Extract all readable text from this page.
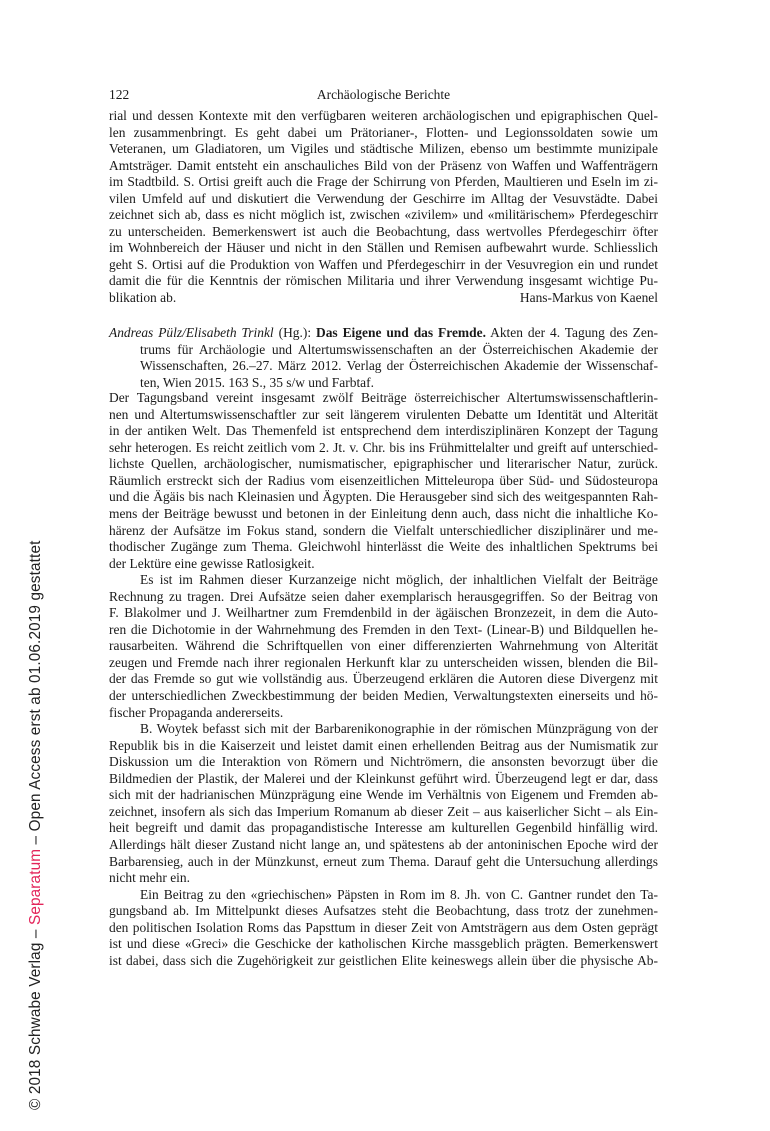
122	Archäologische Berichte
rial und dessen Kontexte mit den verfügbaren weiteren archäologischen und epigraphischen Quel-
len zusammenbringt. Es geht dabei um Prätorianer-, Flotten- und Legionssoldaten sowie um
Veteranen, um Gladiatoren, um Vigiles und städtische Milizen, ebenso um bestimmte munizipale
Amtsträger. Damit entsteht ein anschauliches Bild von der Präsenz von Waffen und Waffenträgern
im Stadtbild. S. Ortisi greift auch die Frage der Schirrung von Pferden, Maultieren und Eseln im zi-
vilen Umfeld auf und diskutiert die Verwendung der Geschirre im Alltag der Vesuvstädte. Dabei
zeichnet sich ab, dass es nicht möglich ist, zwischen «zivilem» und «militärischem» Pferdegeschirr
zu unterscheiden. Bemerkenswert ist auch die Beobachtung, dass wertvolles Pferdegeschirr öfter
im Wohnbereich der Häuser und nicht in den Ställen und Remisen aufbewahrt wurde. Schliesslich
geht S. Ortisi auf die Produktion von Waffen und Pferdegeschirr in der Vesuvregion ein und rundet
damit die für die Kenntnis der römischen Militaria und ihrer Verwendung insgesamt wichtige Pu-
blikation ab.	Hans-Markus von Kaenel
Andreas Pülz/Elisabeth Trinkl (Hg.): Das Eigene und das Fremde. Akten der 4. Tagung des Zen-
trums für Archäologie und Altertumswissenschaften an der Österreichischen Akademie der
Wissenschaften, 26.–27. März 2012. Verlag der Österreichischen Akademie der Wissenschaf-
ten, Wien 2015. 163 S., 35 s/w und Farbtaf.
Der Tagungsband vereint insgesamt zwölf Beiträge österreichischer Altertumswissenschaftlerin-
nen und Altertumswissenschaftler zur seit längerem virulenten Debatte um Identität und Alterität
in der antiken Welt. Das Themenfeld ist entsprechend dem interdisziplinären Konzept der Tagung
sehr heterogen. Es reicht zeitlich vom 2. Jt. v. Chr. bis ins Frühmittelalter und greift auf unterschied-
lichste Quellen, archäologischer, numismatischer, epigraphischer und literarischer Natur, zurück.
Räumlich erstreckt sich der Radius vom eisenzeitlichen Mitteleuropa über Süd- und Südosteuropa
und die Ägäis bis nach Kleinasien und Ägypten. Die Herausgeber sind sich des weitgespannten Rah-
mens der Beiträge bewusst und betonen in der Einleitung denn auch, dass nicht die inhaltliche Ko-
härenz der Aufsätze im Fokus stand, sondern die Vielfalt unterschiedlicher disziplinärer und me-
thodischer Zugänge zum Thema. Gleichwohl hinterlässt die Weite des inhaltlichen Spektrums bei
der Lektüre eine gewisse Ratlosigkeit.
Es ist im Rahmen dieser Kurzanzeige nicht möglich, der inhaltlichen Vielfalt der Beiträge
Rechnung zu tragen. Drei Aufsätze seien daher exemplarisch herausgegriffen. So der Beitrag von
F. Blakolmer und J. Weilhartner zum Fremdenbild in der ägäischen Bronzezeit, in dem die Auto-
ren die Dichotomie in der Wahrnehmung des Fremden in den Text- (Linear-B) und Bildquellen he-
rausarbeiten. Während die Schriftquellen von einer differenzierten Wahrnehmung von Alterität
zeugen und Fremde nach ihrer regionalen Herkunft klar zu unterscheiden wissen, blenden die Bil-
der das Fremde so gut wie vollständig aus. Überzeugend erklären die Autoren diese Divergenz mit
der unterschiedlichen Zweckbestimmung der beiden Medien, Verwaltungstexten einerseits und hö-
fischer Propaganda andererseits.
B. Woytek befasst sich mit der Barbarenikonographie in der römischen Münzprägung von der
Republik bis in die Kaiserzeit und leistet damit einen erhellenden Beitrag aus der Numismatik zur
Diskussion um die Interaktion von Römern und Nichtrömern, die ansonsten bevorzugt über die
Bildmedien der Plastik, der Malerei und der Kleinkunst geführt wird. Überzeugend legt er dar, dass
sich mit der hadrianischen Münzprägung eine Wende im Verhältnis von Eigenem und Fremden ab-
zeichnet, insofern als sich das Imperium Romanum ab dieser Zeit – aus kaiserlicher Sicht – als Ein-
heit begreift und damit das propagandistische Interesse am kulturellen Gegenbild hinfällig wird.
Allerdings hält dieser Zustand nicht lange an, und spätestens ab der antoninischen Epoche wird der
Barbarensieg, auch in der Münzkunst, erneut zum Thema. Darauf geht die Untersuchung allerdings
nicht mehr ein.
Ein Beitrag zu den «griechischen» Päpsten in Rom im 8. Jh. von C. Gantner rundet den Ta-
gungsband ab. Im Mittelpunkt dieses Aufsatzes steht die Beobachtung, dass trotz der zunehmen-
den politischen Isolation Roms das Papsttum in dieser Zeit von Amtsträgern aus dem Osten geprägt
ist und diese «Greci» die Geschicke der katholischen Kirche massgeblich prägten. Bemerkenswert
ist dabei, dass sich die Zugehörigkeit zur geistlichen Elite keineswegs allein über die physische Ab-
© 2018 Schwabe Verlag – Separatum – Open Access erst ab 01.06.2019 gestattet
